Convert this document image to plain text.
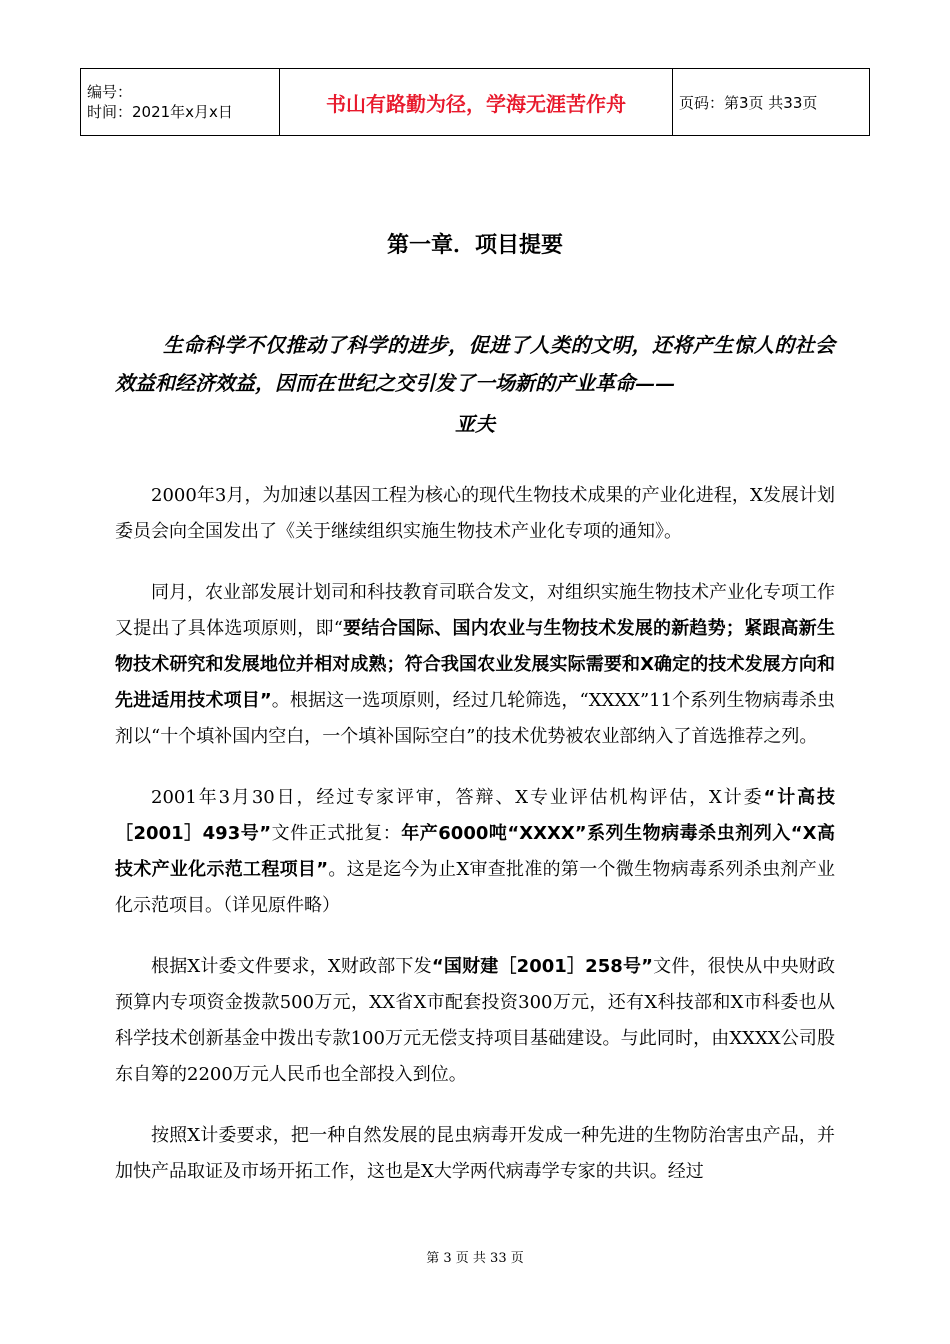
编号：
时间：2021年x月x日	书山有路勤为径，学海无涯苦作舟	页码：第3页 共33页
第一章．项目提要
生命科学不仅推动了科学的进步，促进了人类的文明，还将产生惊人的社会效益和经济效益，因而在世纪之交引发了一场新的产业革命——
亚夫

2000年3月，为加速以基因工程为核心的现代生物技术成果的产业化进程，X发展计划委员会向全国发出了《关于继续组织实施生物技术产业化专项的通知》。

同月，农业部发展计划司和科技教育司联合发文，对组织实施生物技术产业化专项工作又提出了具体选项原则，即“要结合国际、国内农业与生物技术发展的新趋势；紧跟高新生物技术研究和发展地位并相对成熟；符合我国农业发展实际需要和X确定的技术发展方向和先进适用技术项目”。根据这一选项原则，经过几轮筛选，“XXXX”11个系列生物病毒杀虫剂以“十个填补国内空白，一个填补国际空白”的技术优势被农业部纳入了首选推荐之列。

2001年3月30日，经过专家评审，答辩、X专业评估机构评估，X计委“计高技［2001］493号”文件正式批复：年产6000吨“XXXX”系列生物病毒杀虫剂列入“X高技术产业化示范工程项目”。这是迄今为止X审查批准的第一个微生物病毒系列杀虫剂产业化示范项目。（详见原件略）

根据X计委文件要求，X财政部下发“国财建［2001］258号”文件，很快从中央财政预算内专项资金拨款500万元，XX省X市配套投资300万元，还有X科技部和X市科委也从科学技术创新基金中拨出专款100万元无偿支持项目基础建设。与此同时，由XXXX公司股东自筹的2200万元人民币也全部投入到位。

按照X计委要求，把一种自然发展的昆虫病毒开发成一种先进的生物防治害虫产品，并加快产品取证及市场开拓工作，这也是X大学两代病毒学专家的共识。经过

第 3 页 共 33 页
